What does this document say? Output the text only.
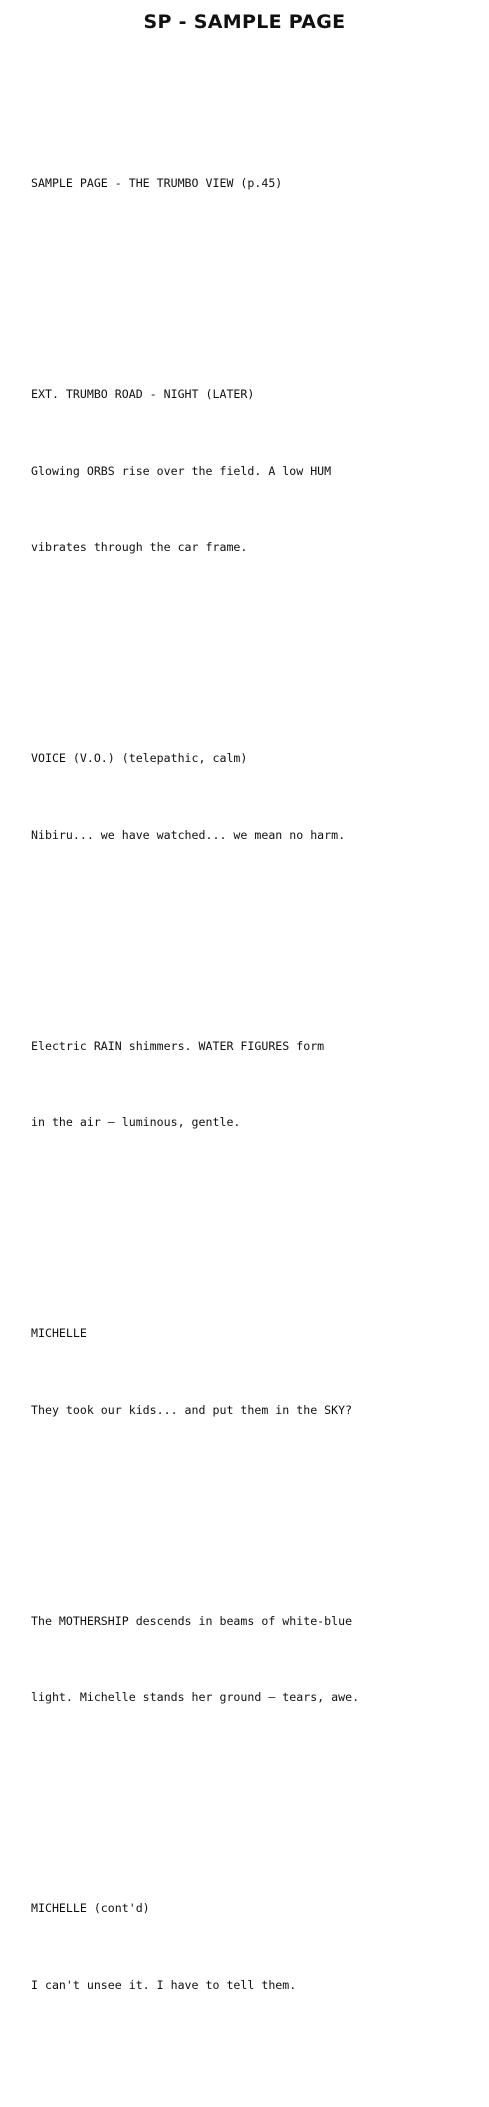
SP - SAMPLE PAGE

SAMPLE PAGE - THE TRUMBO VIEW (p.45)

EXT. TRUMBO ROAD - NIGHT (LATER)

Glowing ORBS rise over the field. A low HUM

vibrates through the car frame.

VOICE (V.O.) (telepathic, calm)

Nibiru... we have watched... we mean no harm.

Electric RAIN shimmers. WATER FIGURES form

in the air — luminous, gentle.

MICHELLE

They took our kids... and put them in the SKY?

The MOTHERSHIP descends in beams of white-blue

light. Michelle stands her ground — tears, awe.

MICHELLE (cont'd)

I can't unsee it. I have to tell them.
